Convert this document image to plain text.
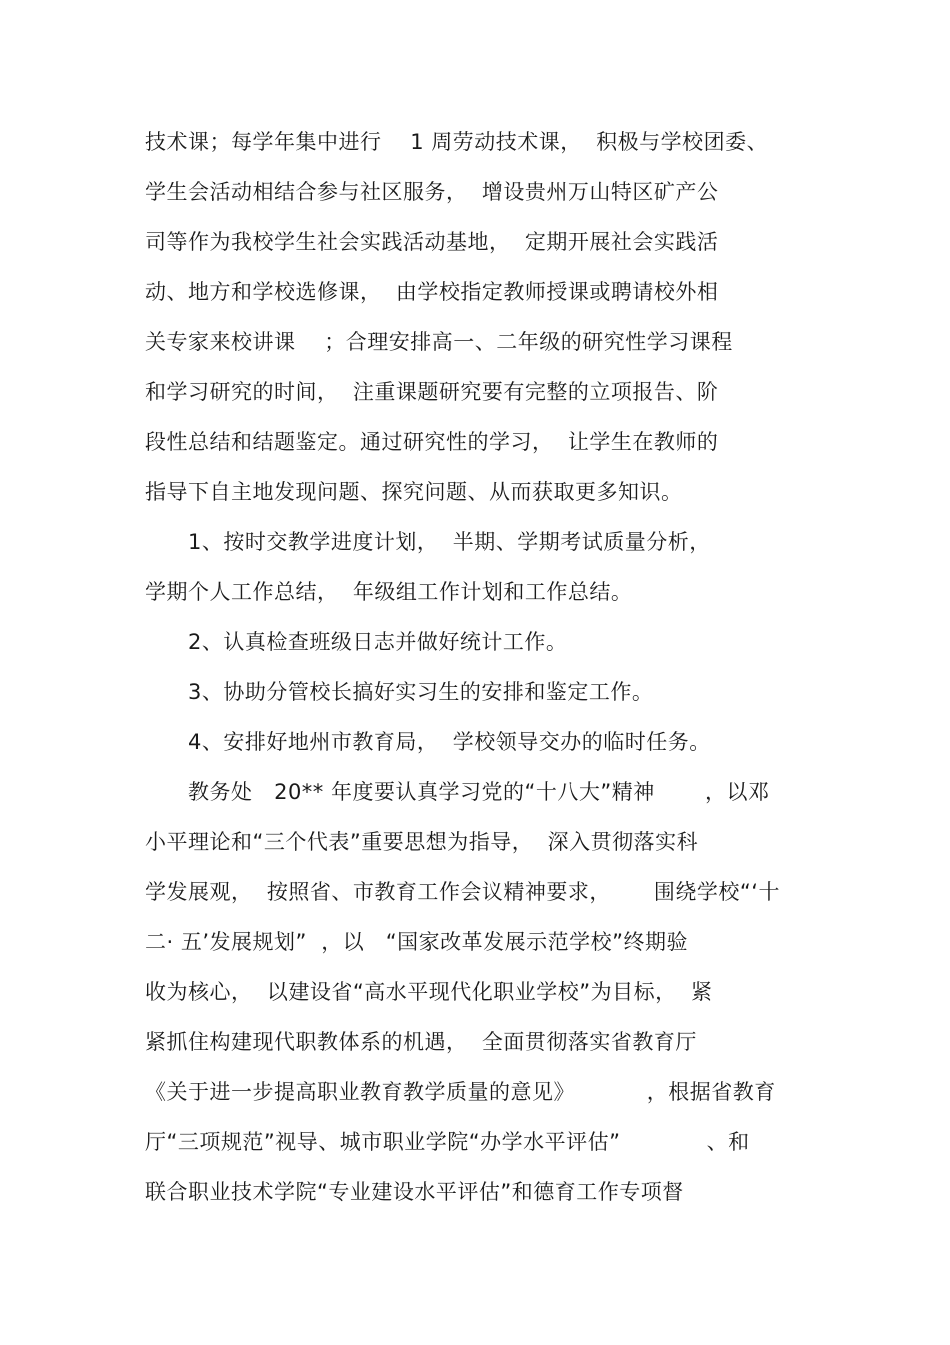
技术课；每学年集中进行    1 周劳动技术课，  积极与学校团委、
学生会活动相结合参与社区服务，  增设贵州万山特区矿产公
司等作为我校学生社会实践活动基地，  定期开展社会实践活
动、地方和学校选修课，  由学校指定教师授课或聘请校外相
关专家来校讲课    ；合理安排高一、二年级的研究性学习课程
和学习研究的时间，  注重课题研究要有完整的立项报告、阶
段性总结和结题鉴定。通过研究性的学习，  让学生在教师的
指导下自主地发现问题、探究问题、从而获取更多知识。
1、按时交教学进度计划，  半期、学期考试质量分析，
学期个人工作总结，  年级组工作计划和工作总结。
2、认真检查班级日志并做好统计工作。
3、协助分管校长搞好实习生的安排和鉴定工作。
4、安排好地州市教育局，  学校领导交办的临时任务。
教务处   20** 年度要认真学习党的“十八大”精神       ，以邓
小平理论和“三个代表”重要思想为指导，  深入贯彻落实科
学发展观，  按照省、市教育工作会议精神要求，      围绕学校“‘十
二· 五’发展规划”  ，以   “国家改革发展示范学校”终期验
收为核心，  以建设省“高水平现代化职业学校”为目标，  紧
紧抓住构建现代职教体系的机遇，  全面贯彻落实省教育厅
《关于进一步提高职业教育教学质量的意见》          ，根据省教育
厅“三项规范”视导、城市职业学院“办学水平评估”            、和
联合职业技术学院“专业建设水平评估”和德育工作专项督
